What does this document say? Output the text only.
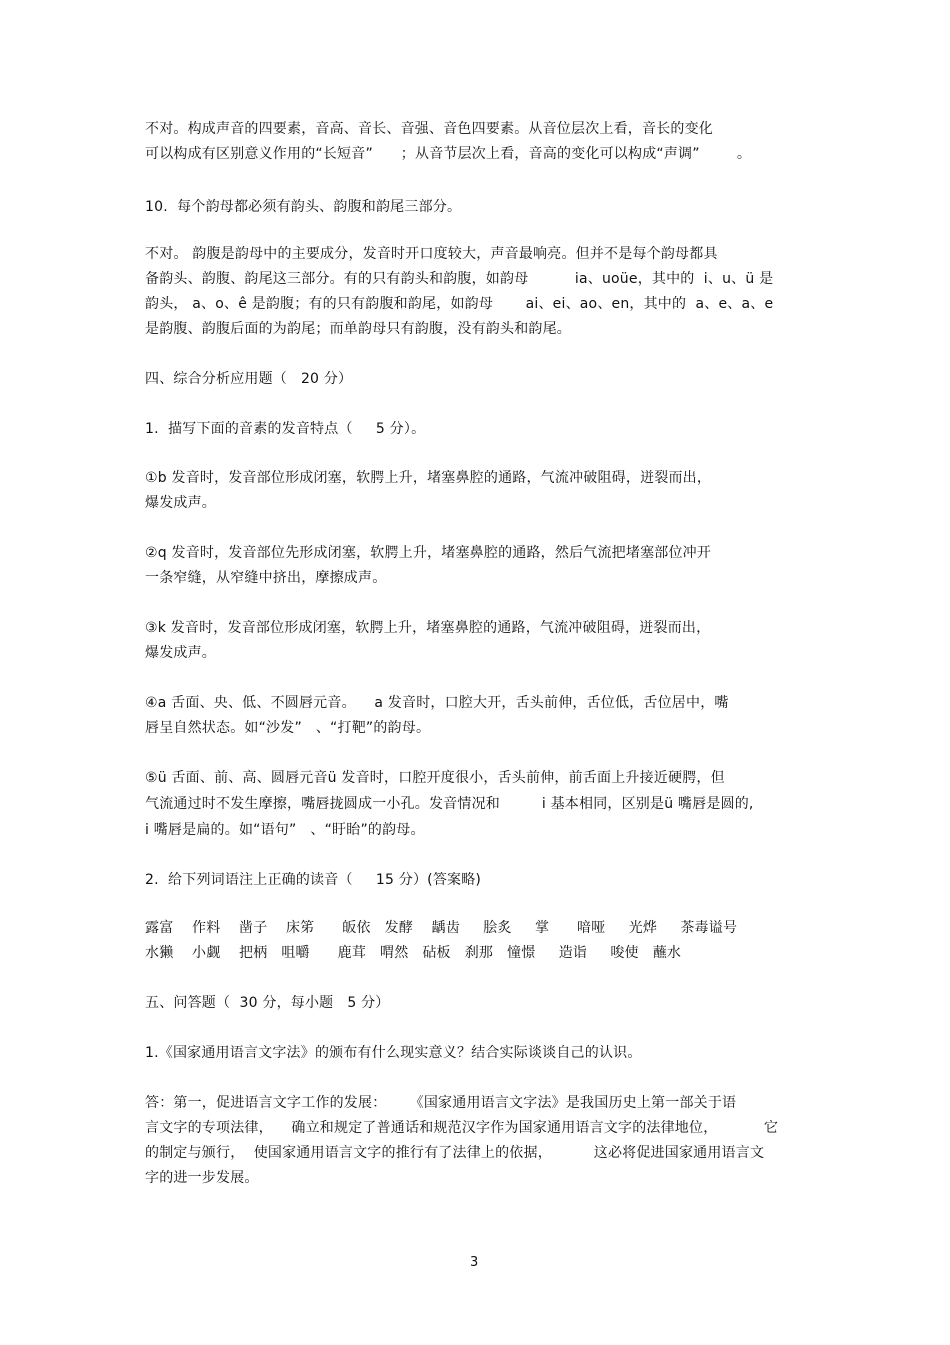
不对。构成声音的四要素，音高、音长、音强、音色四要素。从音位层次上看，音长的变化
可以构成有区别意义作用的“长短音”      ；从音节层次上看，音高的变化可以构成“声调”        。
10.  每个韵母都必须有韵头、韵腹和韵尾三部分。
不对。 韵腹是韵母中的主要成分，发音时开口度较大，声音最响亮。但并不是每个韵母都具
备韵头、韵腹、韵尾这三部分。有的只有韵头和韵腹，如韵母          ia、uoüe，其中的  i、u、ü 是
韵头， a、o、ê 是韵腹；有的只有韵腹和韵尾，如韵母       ai、ei、ao、en，其中的  a、e、a、e
是韵腹、韵腹后面的为韵尾；而单韵母只有韵腹，没有韵头和韵尾。
四、综合分析应用题（   20 分）
1.  描写下面的音素的发音特点（     5 分）。
①b 发音时，发音部位形成闭塞，软腭上升，堵塞鼻腔的通路，气流冲破阻碍，迸裂而出，
爆发成声。
②q 发音时，发音部位先形成闭塞，软腭上升，堵塞鼻腔的通路，然后气流把堵塞部位冲开
一条窄缝，从窄缝中挤出，摩擦成声。
③k 发音时，发音部位形成闭塞，软腭上升，堵塞鼻腔的通路，气流冲破阻碍，迸裂而出，
爆发成声。
④a 舌面、央、低、不圆唇元音。    a 发音时，口腔大开，舌头前伸，舌位低，舌位居中，嘴
唇呈自然状态。如“沙发”   、“打靶”的韵母。
⑤ü 舌面、前、高、圆唇元音ü 发音时，口腔开度很小，舌头前伸，前舌面上升接近硬腭，但
气流通过时不发生摩擦，嘴唇拢圆成一小孔。发音情况和         i 基本相同，区别是ü 嘴唇是圆的,
i 嘴唇是扁的。如“语句”   、“盱眙”的韵母。
2.  给下列词语注上正确的读音（     15 分）(答案略)
露富    作料    凿子    床笫      皈依   发酵    龋齿     脍炙     掌      喑哑     光烨     茶毒谥号
水獭    小觑    把柄   咀嚼      鹿茸   喟然   砧板   刹那   憧憬     造诣     唆使   蘸水
五、问答题（  30 分，每小题   5 分）
1.《国家通用语言文字法》的颁布有什么现实意义？结合实际谈谈自己的认识。
答：第一，促进语言文字工作的发展：     《国家通用语言文字法》是我国历史上第一部关于语
言文字的专项法律，    确立和规定了普通话和规范汉字作为国家通用语言文字的法律地位，          它
的制定与颁行，  使国家通用语言文字的推行有了法律上的依据，         这必将促进国家通用语言文
字的进一步发展。
3
